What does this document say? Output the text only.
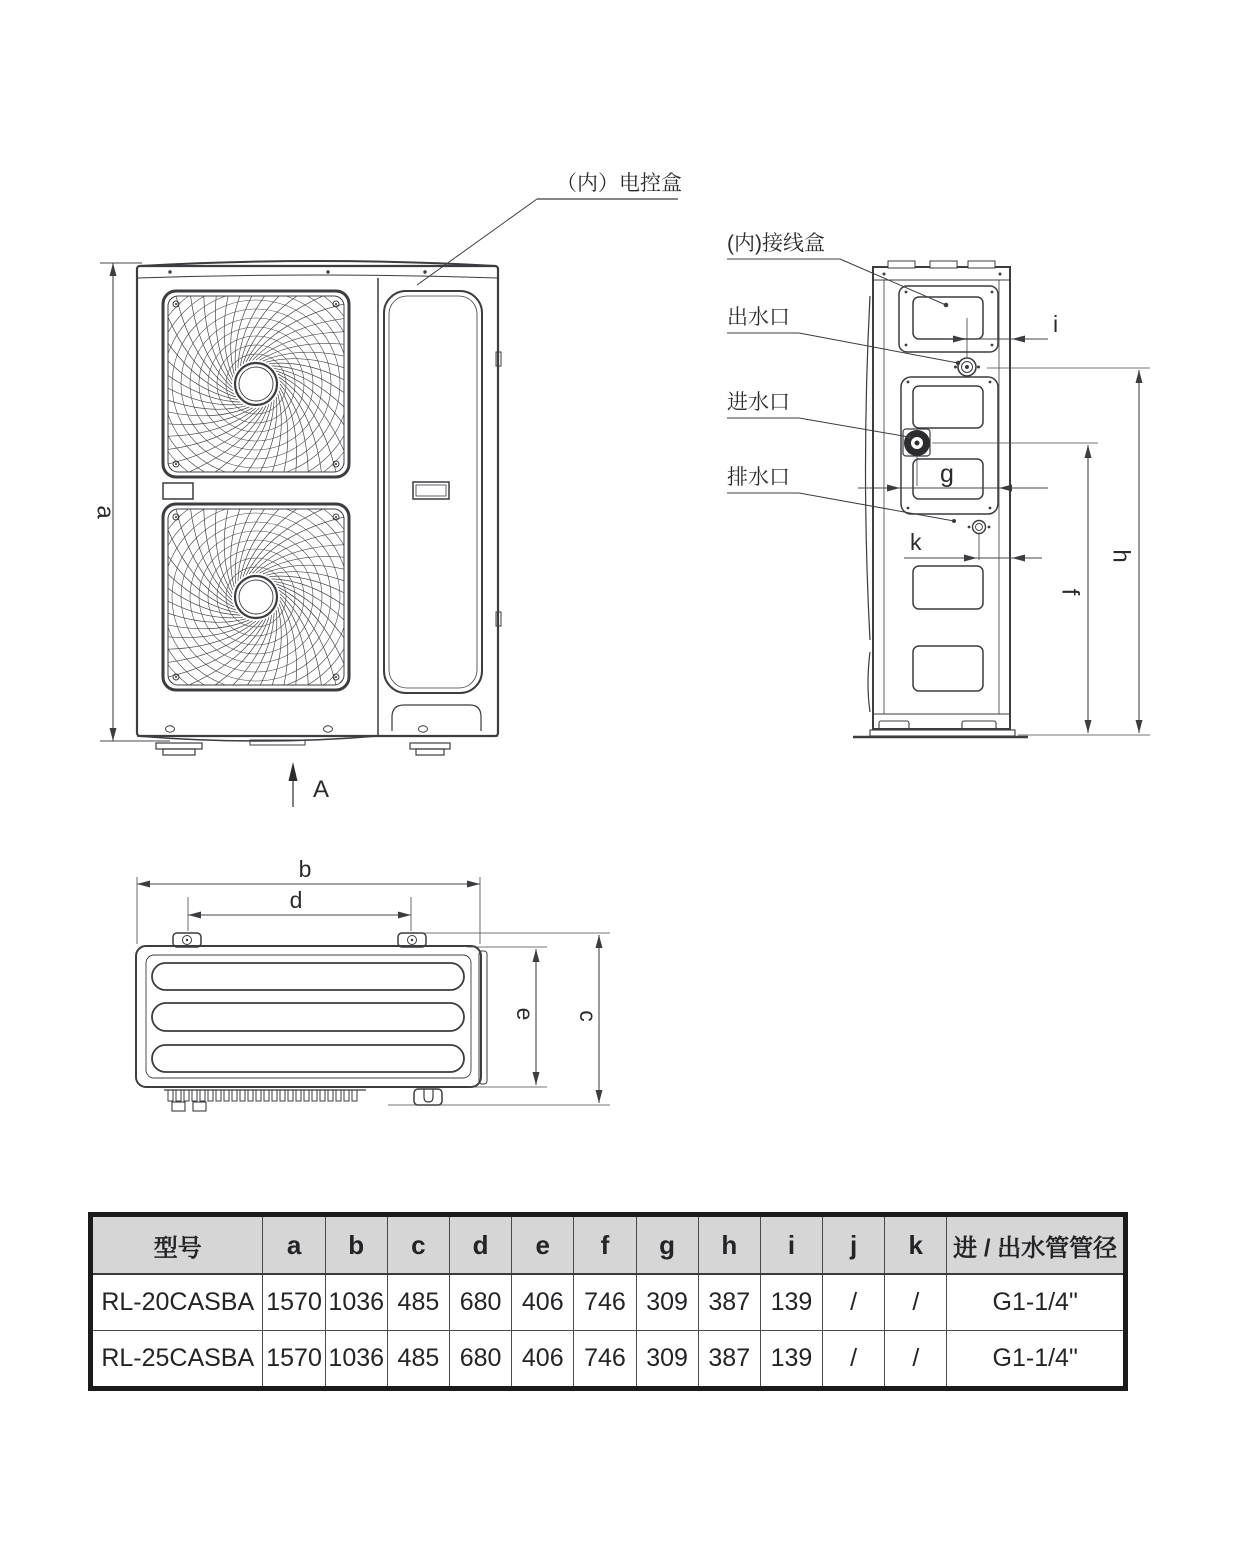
（内）电控盒
a
A
(内)接线盒
出水口
进水口
排水口
i
g
k
f
h
b
d
e c
型号	a	b	c	d	e	f	g	h	i	j	k	进 / 出水管管径
RL-20CASBA	1570	1036	485	680	406	746	309	387	139	/	/	G1-1/4"
RL-25CASBA	1570	1036	485	680	406	746	309	387	139	/	/	G1-1/4"
